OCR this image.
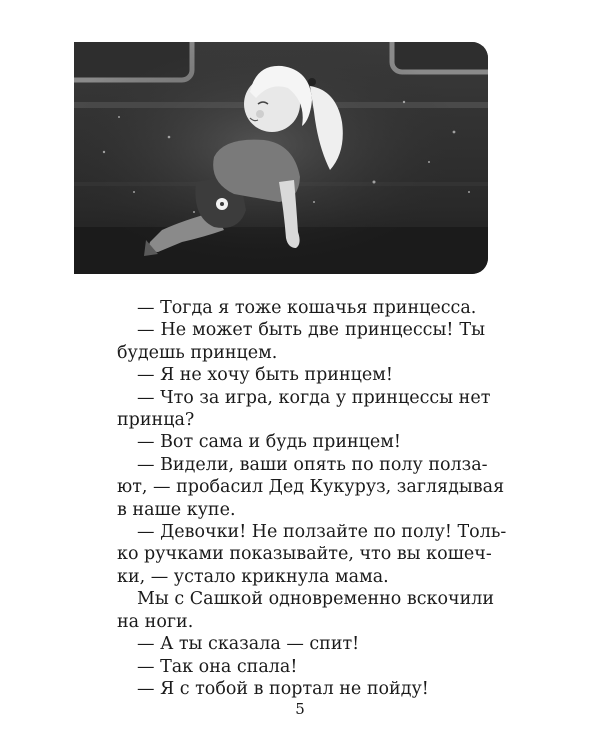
— Тогда я тоже кошачья принцесса.

— Не может быть две принцессы! Ты

будешь принцем.

— Я не хочу быть принцем!

— Что за игра, когда у принцессы нет

принца?

— Вот сама и будь принцем!

— Видели, ваши опять по полу полза-

ют, — пробасил Дед Кукуруз, заглядывая

в наше купе.

— Девочки! Не ползайте по полу! Толь-

ко ручками показывайте, что вы кошеч-

ки, — устало крикнула мама.

Мы с Сашкой одновременно вскочили

на ноги.

— А ты сказала — спит!

— Так она спала!

— Я с тобой в портал не пойду!

5
